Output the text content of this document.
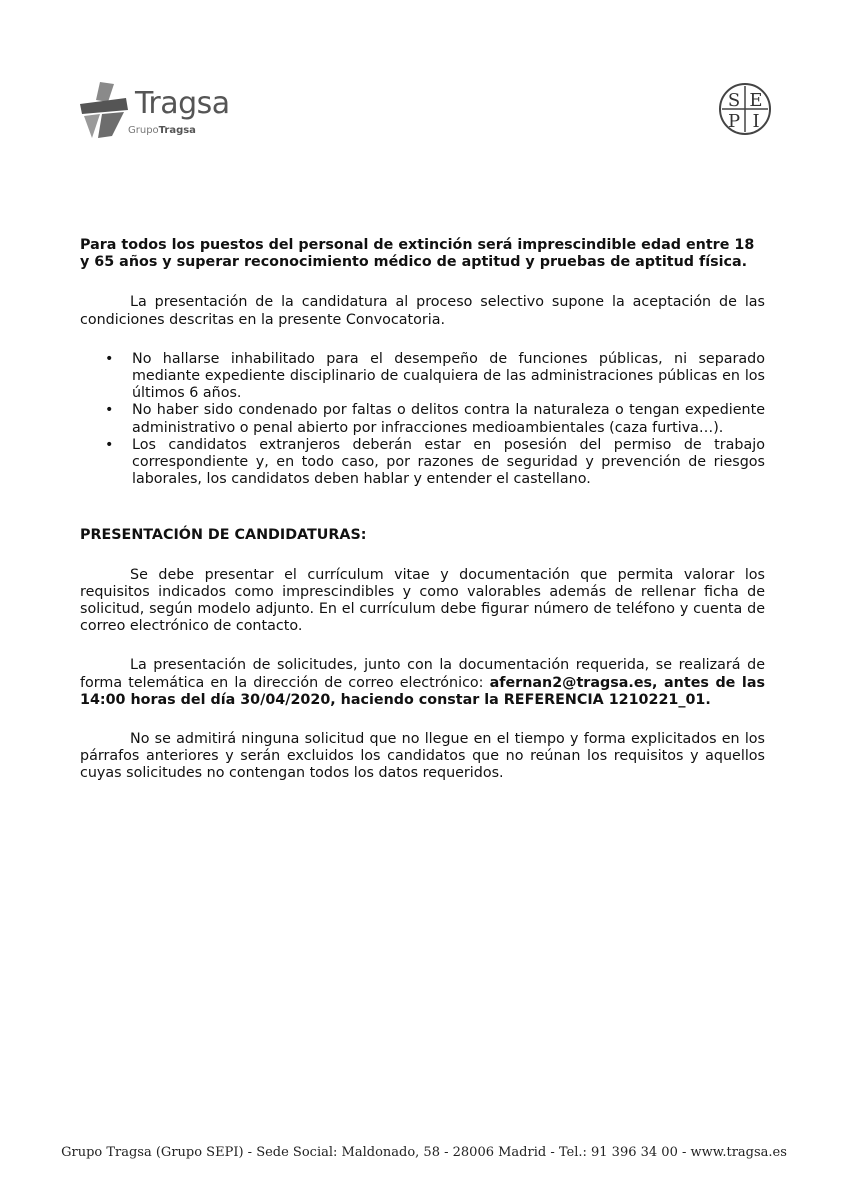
Tragsa
GrupoTragsa
S E
P I

Para todos los puestos del personal de extinción será imprescindible edad entre 18 y 65 años y superar reconocimiento médico de aptitud y pruebas de aptitud física.

La presentación de la candidatura al proceso selectivo supone la aceptación de las condiciones descritas en la presente Convocatoria.

• No hallarse inhabilitado para el desempeño de funciones públicas, ni separado mediante expediente disciplinario de cualquiera de las administraciones públicas en los últimos 6 años.
• No haber sido condenado por faltas o delitos contra la naturaleza o tengan expediente administrativo o penal abierto por infracciones medioambientales (caza furtiva…).
• Los candidatos extranjeros deberán estar en posesión del permiso de trabajo correspondiente y, en todo caso, por razones de seguridad y prevención de riesgos laborales, los candidatos deben hablar y entender el castellano.

PRESENTACIÓN DE CANDIDATURAS:

Se debe presentar el currículum vitae y documentación que permita valorar los requisitos indicados como imprescindibles y como valorables además de rellenar ficha de solicitud, según modelo adjunto. En el currículum debe figurar número de teléfono y cuenta de correo electrónico de contacto.

La presentación de solicitudes, junto con la documentación requerida, se realizará de forma telemática en la dirección de correo electrónico: afernan2@tragsa.es, antes de las 14:00 horas del día 30/04/2020, haciendo constar la REFERENCIA 1210221_01.

No se admitirá ninguna solicitud que no llegue en el tiempo y forma explicitados en los párrafos anteriores y serán excluidos los candidatos que no reúnan los requisitos y aquellos cuyas solicitudes no contengan todos los datos requeridos.

Grupo Tragsa (Grupo SEPI) - Sede Social: Maldonado, 58 - 28006 Madrid - Tel.: 91 396 34 00 - www.tragsa.es
